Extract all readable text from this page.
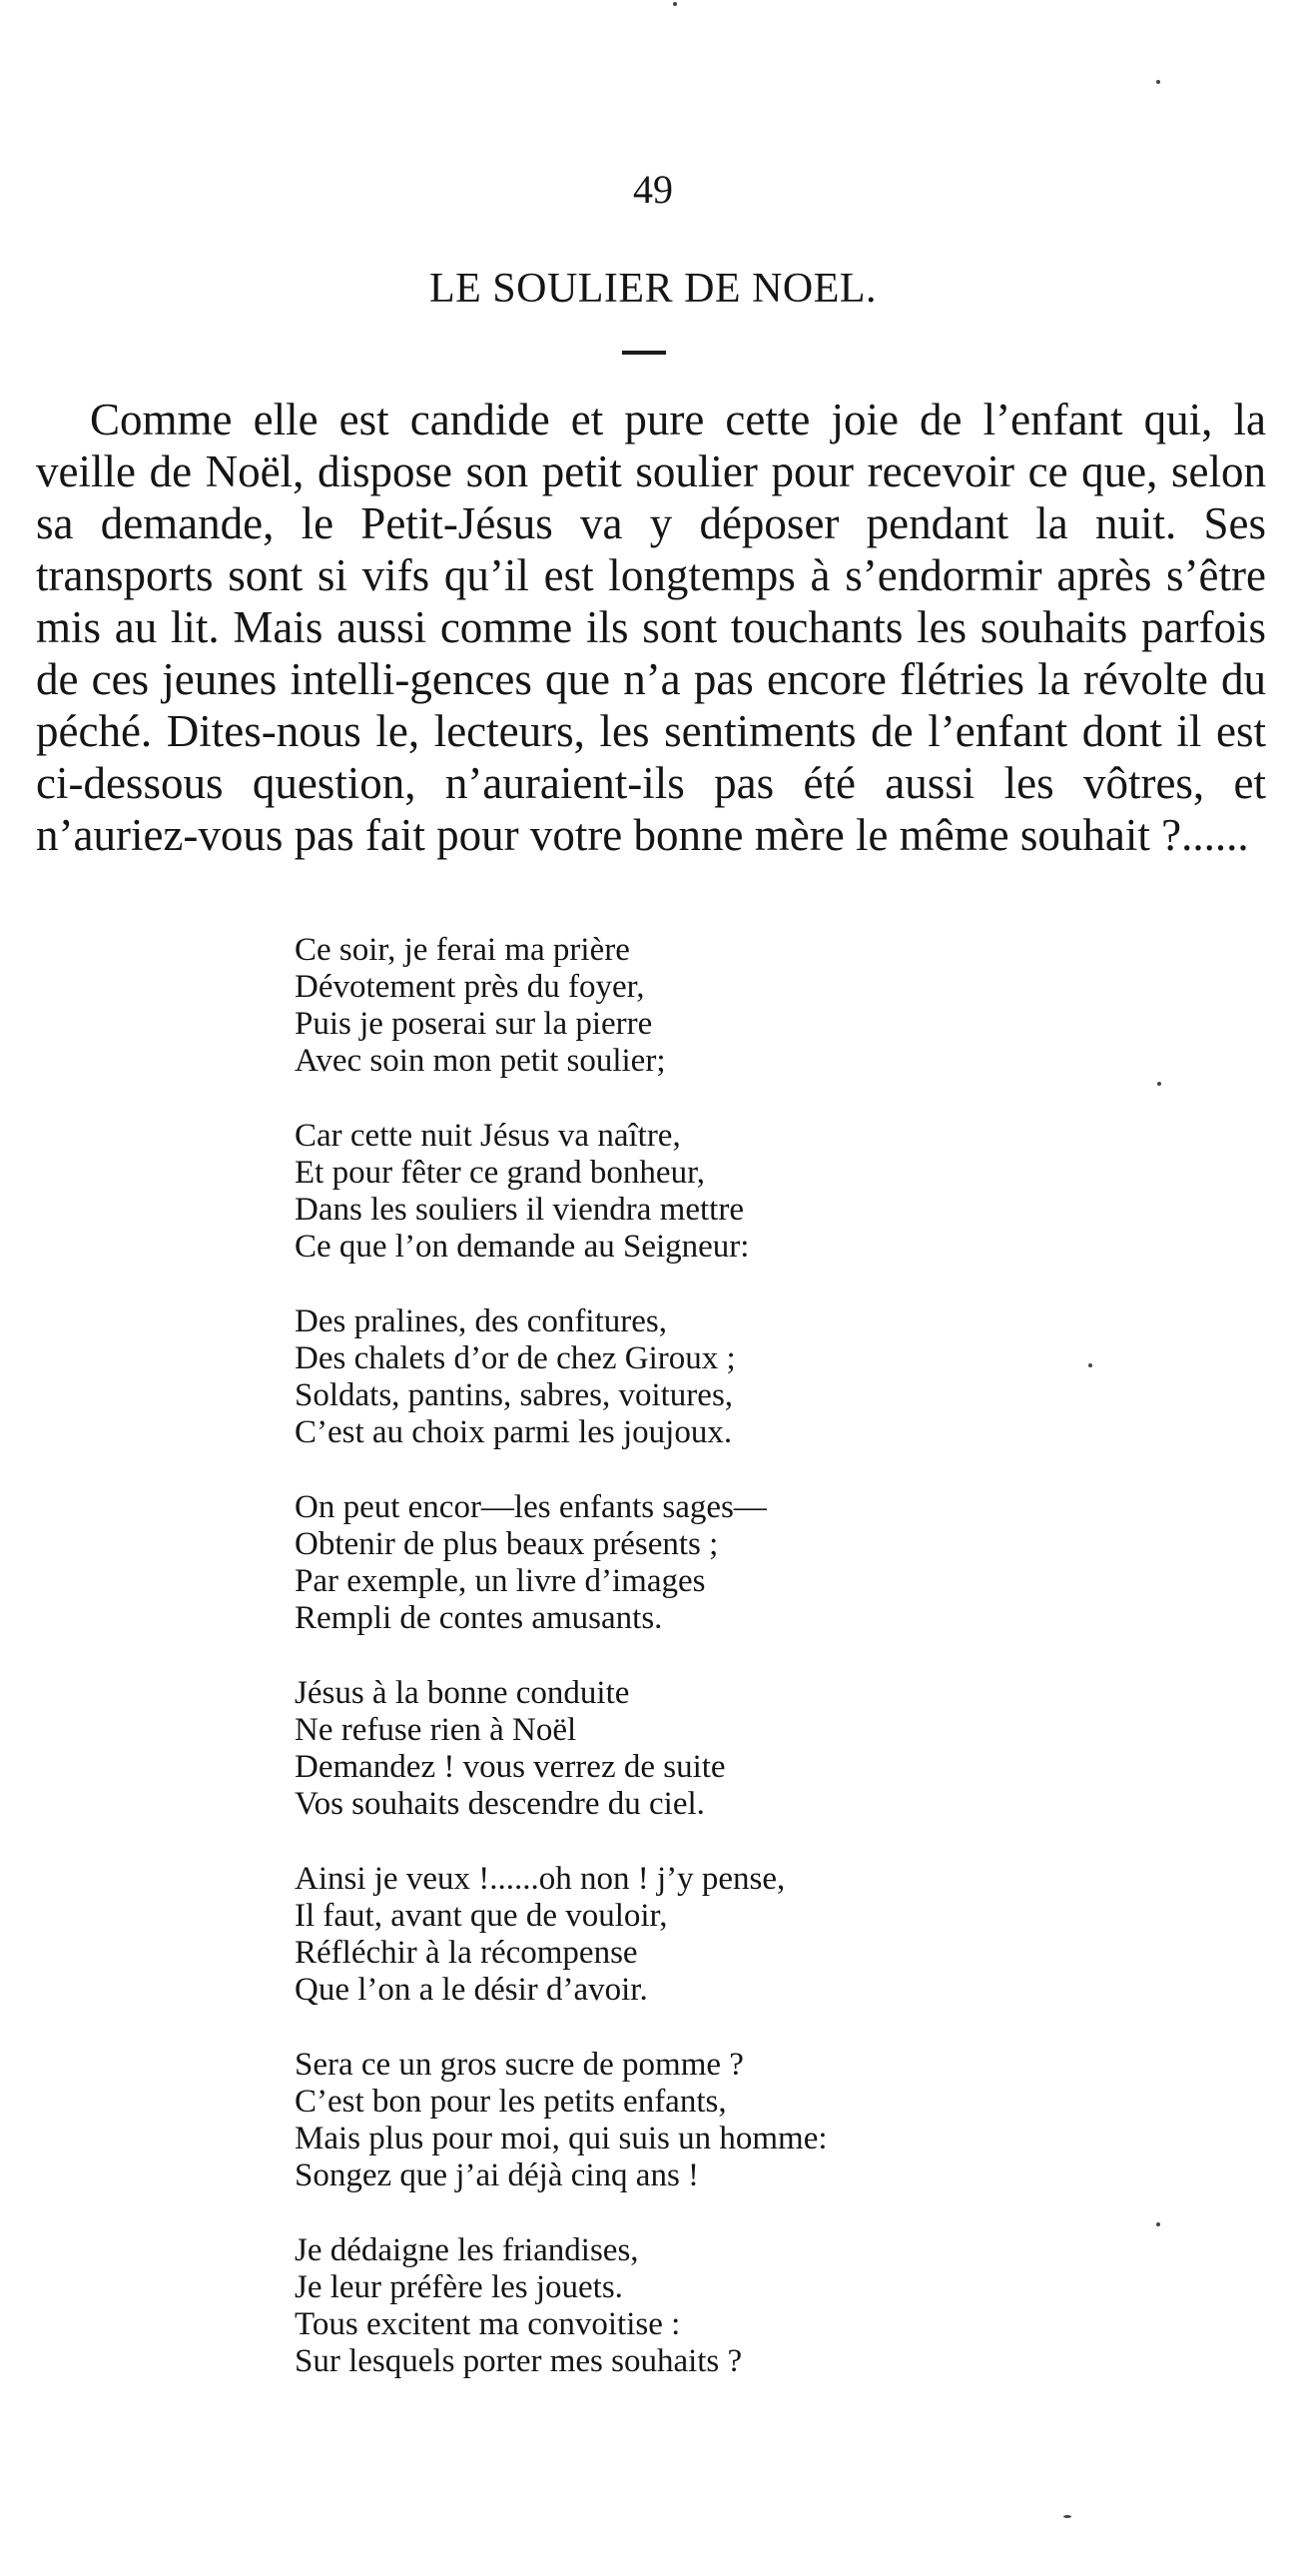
49
LE SOULIER DE NOEL.

Comme elle est candide et pure cette joie de l’enfant qui, la veille de Noël, dispose son petit soulier pour recevoir ce que, selon sa demande, le Petit-Jésus va y déposer pendant la nuit. Ses transports sont si vifs qu’il est longtemps à s’endormir après s’être mis au lit. Mais aussi comme ils sont touchants les souhaits parfois de ces jeunes intelli-gences que n’a pas encore flétries la révolte du péché. Dites-nous le, lecteurs, les sentiments de l’enfant dont il est ci-dessous question, n’auraient-ils pas été aussi les vôtres, et n’auriez-vous pas fait pour votre bonne mère le même souhait ?......

Ce soir, je ferai ma prière
Dévotement près du foyer,
Puis je poserai sur la pierre
Avec soin mon petit soulier;
Car cette nuit Jésus va naître,
Et pour fêter ce grand bonheur,
Dans les souliers il viendra mettre
Ce que l’on demande au Seigneur:
Des pralines, des confitures,
Des chalets d’or de chez Giroux ;
Soldats, pantins, sabres, voitures,
C’est au choix parmi les joujoux.
On peut encor—les enfants sages—
Obtenir de plus beaux présents ;
Par exemple, un livre d’images
Rempli de contes amusants.
Jésus à la bonne conduite
Ne refuse rien à Noël
Demandez ! vous verrez de suite
Vos souhaits descendre du ciel.
Ainsi je veux !......oh non ! j’y pense,
Il faut, avant que de vouloir,
Réfléchir à la récompense
Que l’on a le désir d’avoir.
Sera ce un gros sucre de pomme ?
C’est bon pour les petits enfants,
Mais plus pour moi, qui suis un homme:
Songez que j’ai déjà cinq ans !
Je dédaigne les friandises,
Je leur préfère les jouets.
Tous excitent ma convoitise :
Sur lesquels porter mes souhaits ?
